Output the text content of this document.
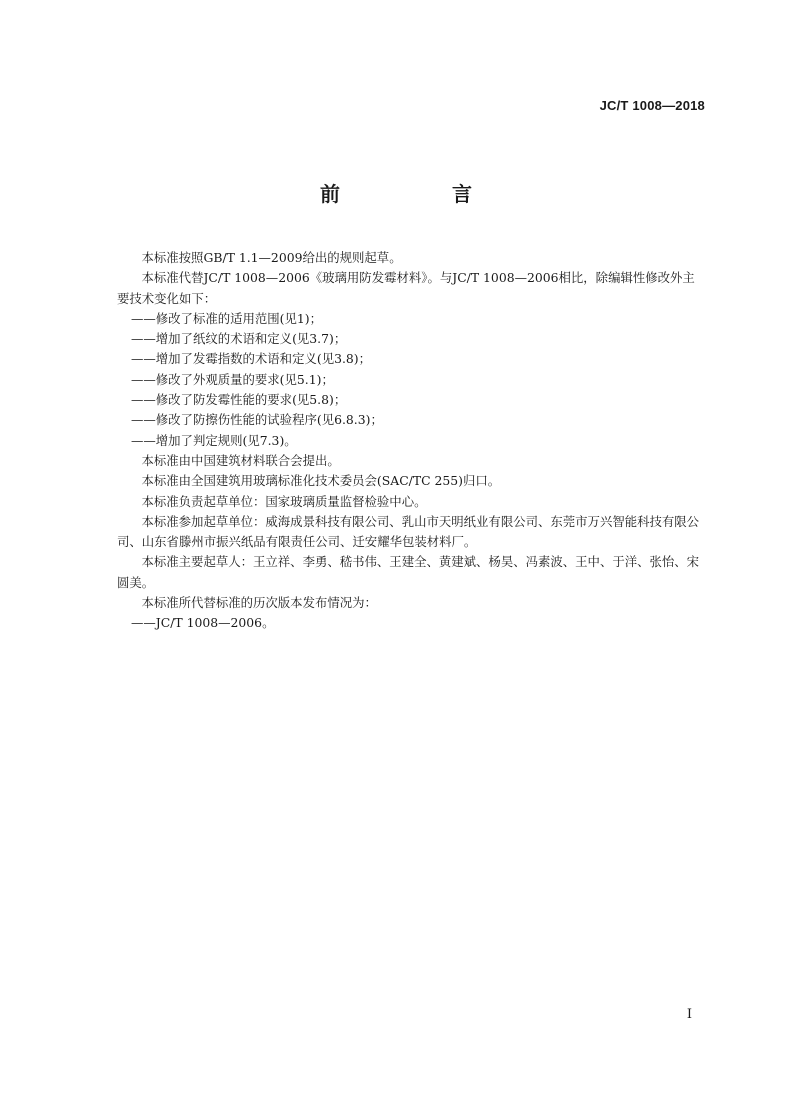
JC/T 1008—2018
前　言

本标准按照GB/T 1.1—2009给出的规则起草。

本标准代替JC/T 1008—2006《玻璃用防发霉材料》。与JC/T 1008—2006相比，除编辑性修改外主要技术变化如下：

——修改了标准的适用范围(见1)；

——增加了纸纹的术语和定义(见3.7)；

——增加了发霉指数的术语和定义(见3.8)；

——修改了外观质量的要求(见5.1)；

——修改了防发霉性能的要求(见5.8)；

——修改了防擦伤性能的试验程序(见6.8.3)；

——增加了判定规则(见7.3)。

本标准由中国建筑材料联合会提出。

本标准由全国建筑用玻璃标准化技术委员会(SAC/TC 255)归口。

本标准负责起草单位：国家玻璃质量监督检验中心。

本标准参加起草单位：威海成景科技有限公司、乳山市天明纸业有限公司、东莞市万兴智能科技有限公司、山东省滕州市振兴纸品有限责任公司、迁安耀华包装材料厂。

本标准主要起草人：王立祥、李勇、嵇书伟、王建全、黄建斌、杨昊、冯素波、王中、于洋、张怡、宋圆美。

本标准所代替标准的历次版本发布情况为：

——JC/T 1008—2006。

I
